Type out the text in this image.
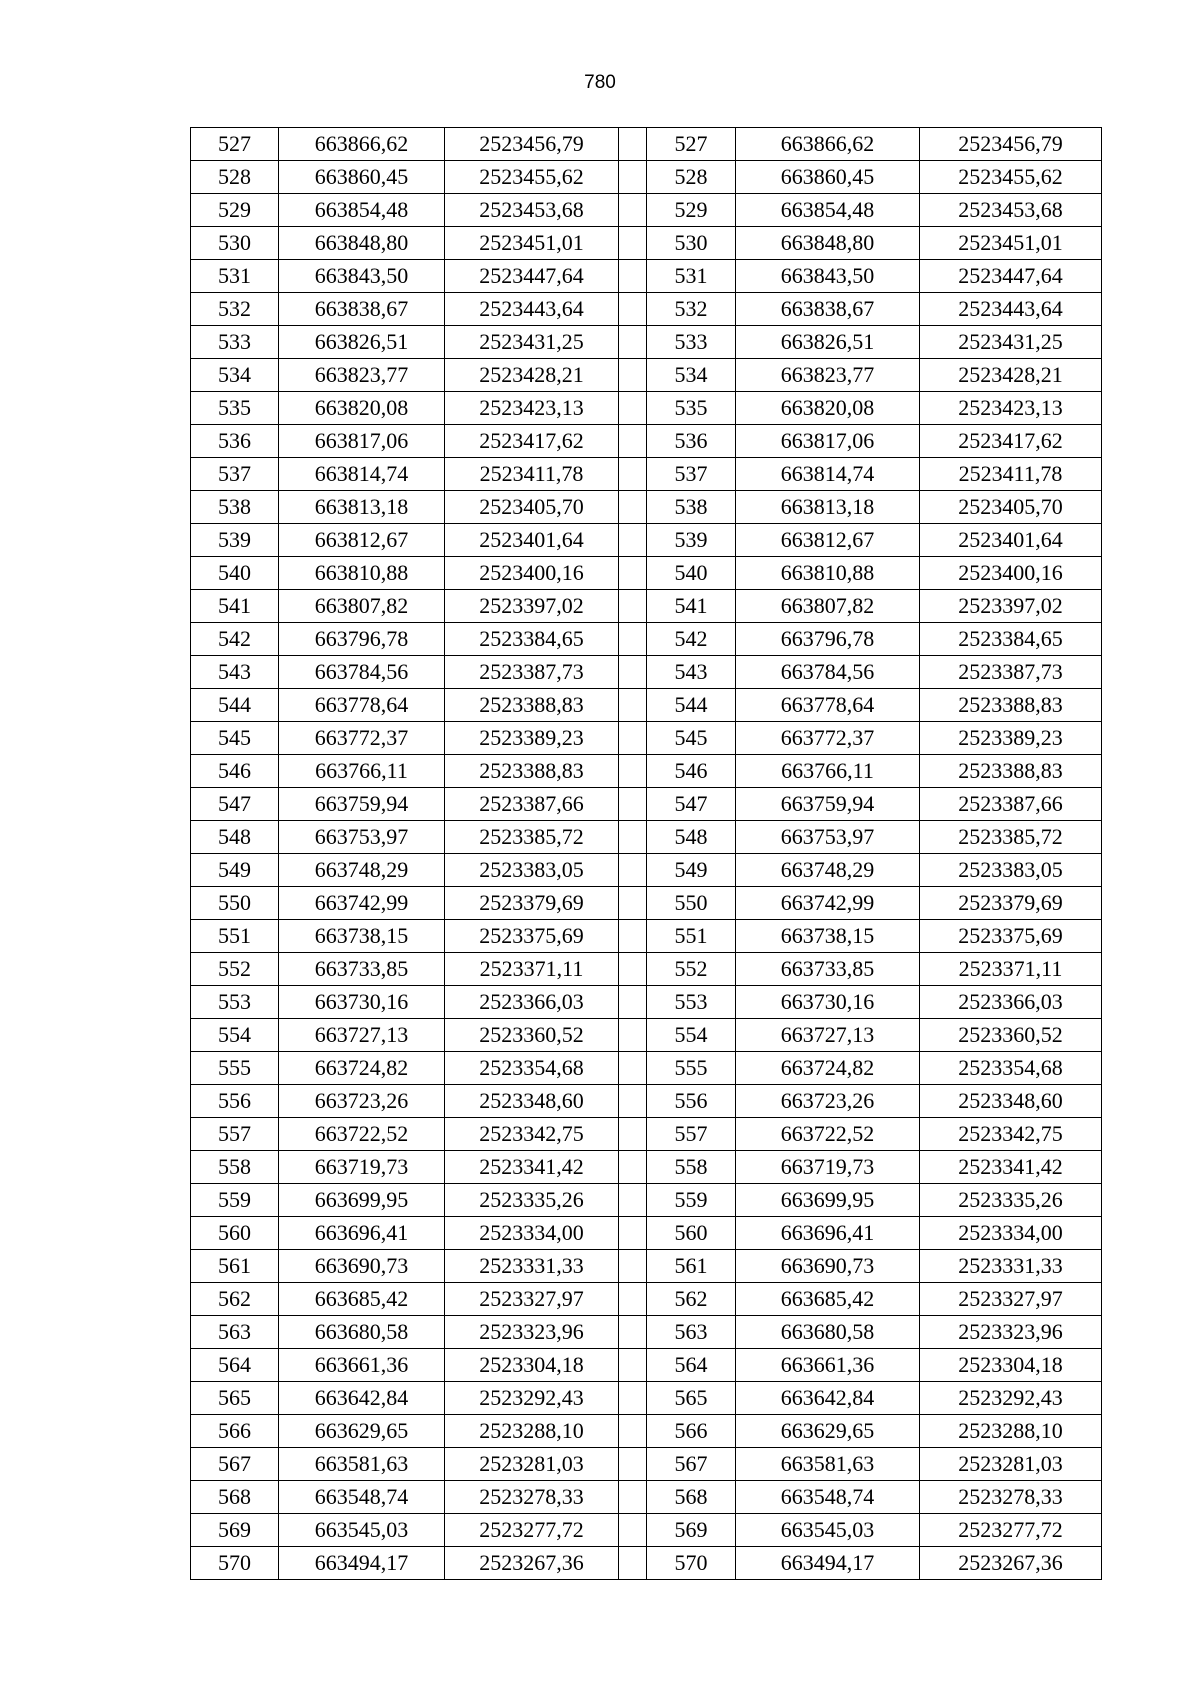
780
527	663866,62	2523456,79		527	663866,62	2523456,79
528	663860,45	2523455,62		528	663860,45	2523455,62
529	663854,48	2523453,68		529	663854,48	2523453,68
530	663848,80	2523451,01		530	663848,80	2523451,01
531	663843,50	2523447,64		531	663843,50	2523447,64
532	663838,67	2523443,64		532	663838,67	2523443,64
533	663826,51	2523431,25		533	663826,51	2523431,25
534	663823,77	2523428,21		534	663823,77	2523428,21
535	663820,08	2523423,13		535	663820,08	2523423,13
536	663817,06	2523417,62		536	663817,06	2523417,62
537	663814,74	2523411,78		537	663814,74	2523411,78
538	663813,18	2523405,70		538	663813,18	2523405,70
539	663812,67	2523401,64		539	663812,67	2523401,64
540	663810,88	2523400,16		540	663810,88	2523400,16
541	663807,82	2523397,02		541	663807,82	2523397,02
542	663796,78	2523384,65		542	663796,78	2523384,65
543	663784,56	2523387,73		543	663784,56	2523387,73
544	663778,64	2523388,83		544	663778,64	2523388,83
545	663772,37	2523389,23		545	663772,37	2523389,23
546	663766,11	2523388,83		546	663766,11	2523388,83
547	663759,94	2523387,66		547	663759,94	2523387,66
548	663753,97	2523385,72		548	663753,97	2523385,72
549	663748,29	2523383,05		549	663748,29	2523383,05
550	663742,99	2523379,69		550	663742,99	2523379,69
551	663738,15	2523375,69		551	663738,15	2523375,69
552	663733,85	2523371,11		552	663733,85	2523371,11
553	663730,16	2523366,03		553	663730,16	2523366,03
554	663727,13	2523360,52		554	663727,13	2523360,52
555	663724,82	2523354,68		555	663724,82	2523354,68
556	663723,26	2523348,60		556	663723,26	2523348,60
557	663722,52	2523342,75		557	663722,52	2523342,75
558	663719,73	2523341,42		558	663719,73	2523341,42
559	663699,95	2523335,26		559	663699,95	2523335,26
560	663696,41	2523334,00		560	663696,41	2523334,00
561	663690,73	2523331,33		561	663690,73	2523331,33
562	663685,42	2523327,97		562	663685,42	2523327,97
563	663680,58	2523323,96		563	663680,58	2523323,96
564	663661,36	2523304,18		564	663661,36	2523304,18
565	663642,84	2523292,43		565	663642,84	2523292,43
566	663629,65	2523288,10		566	663629,65	2523288,10
567	663581,63	2523281,03		567	663581,63	2523281,03
568	663548,74	2523278,33		568	663548,74	2523278,33
569	663545,03	2523277,72		569	663545,03	2523277,72
570	663494,17	2523267,36		570	663494,17	2523267,36
